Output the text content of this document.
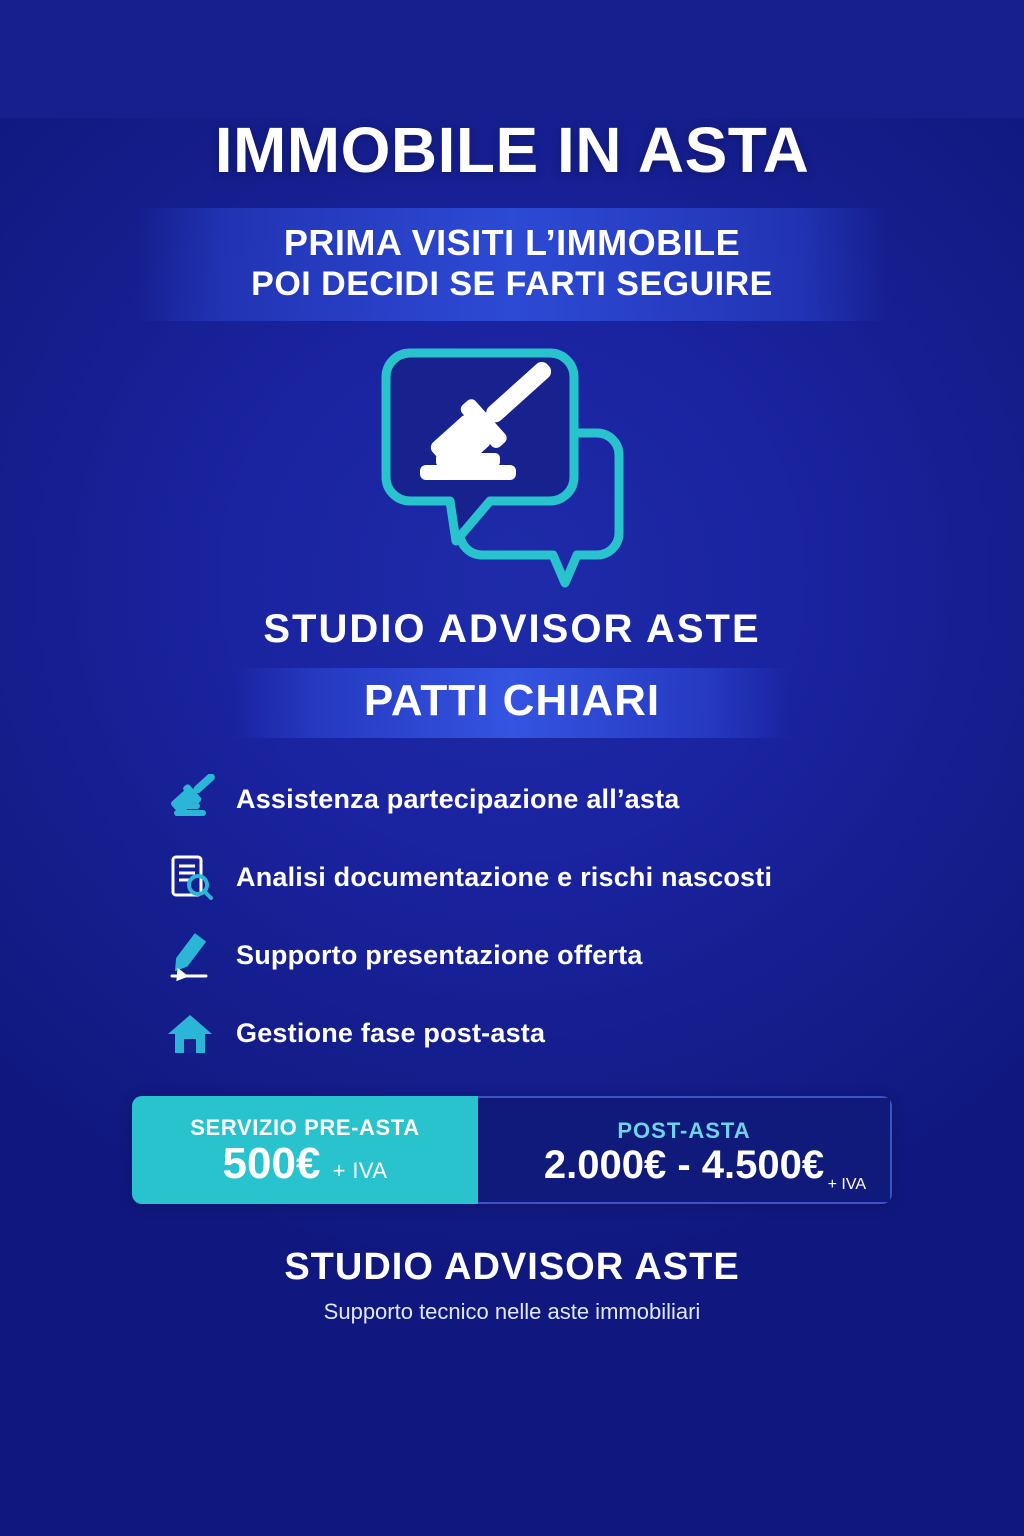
IMMOBILE IN ASTA
PRIMA VISITI L’IMMOBILE
POI DECIDI SE FARTI SEGUIRE
STUDIO ADVISOR ASTE
PATTI CHIARI
Assistenza partecipazione all’asta
Analisi documentazione e rischi nascosti
Supporto presentazione offerta
Gestione fase post-asta
SERVIZIO PRE-ASTA
500€ + IVA
POST-ASTA
2.000€ - 4.500€ + IVA
STUDIO ADVISOR ASTE
Supporto tecnico nelle aste immobiliari
